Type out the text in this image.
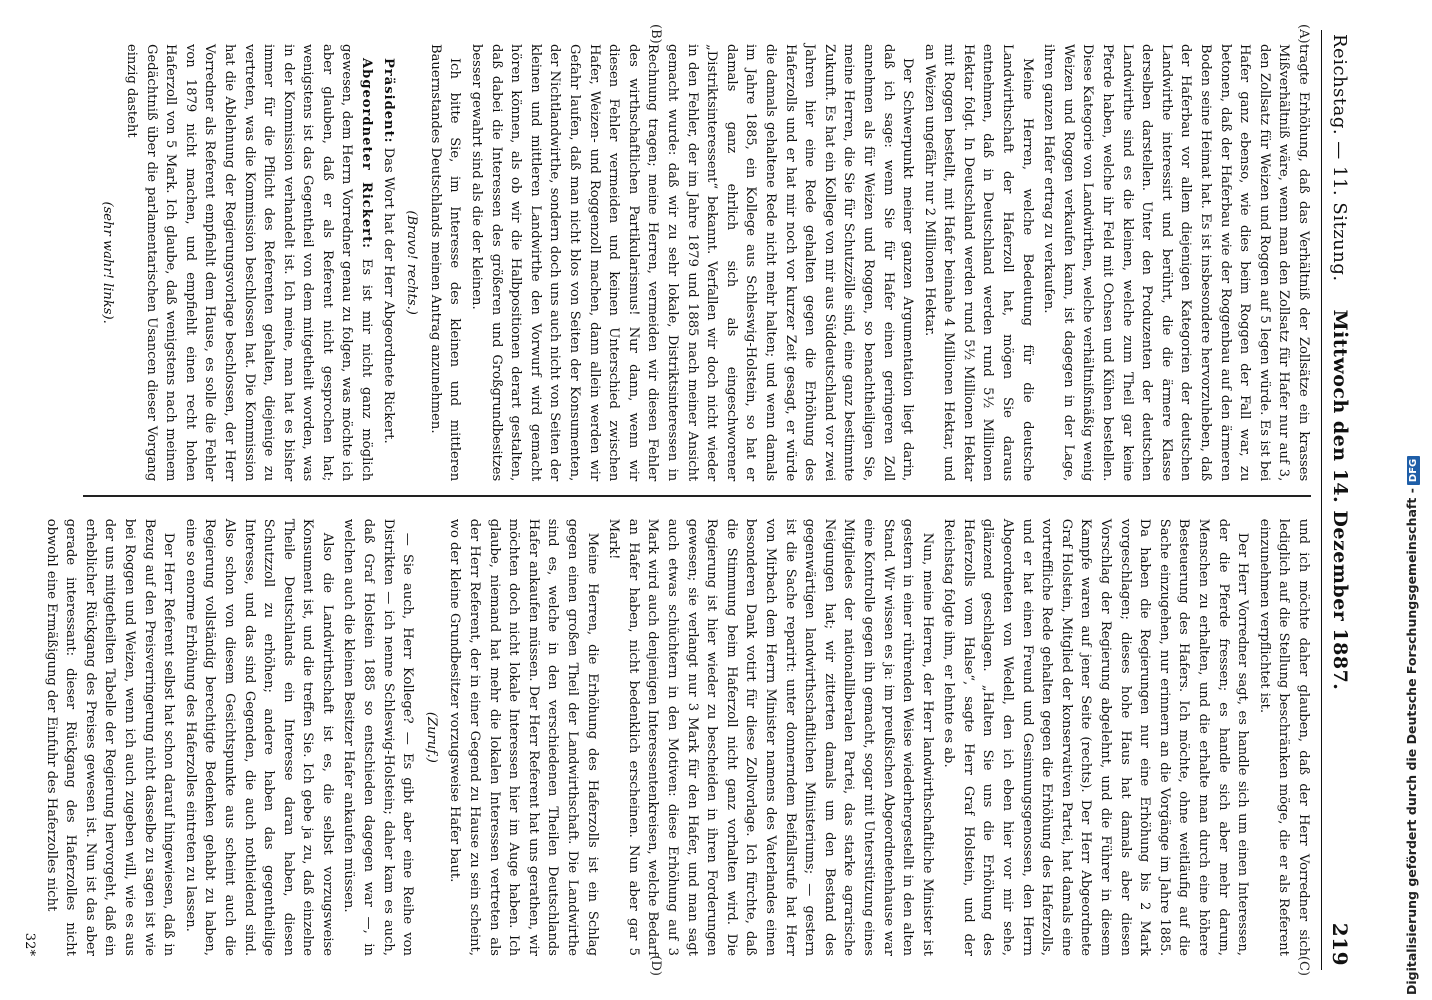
Reichstag. — 11. Sitzung.
Mittwoch den 14. Dezember 1887.
219
(A)
(B)

tragte Erhöhung, daß das Verhältniß der Zollsätze ein krasses Mißverhältniß wäre, wenn man den Zollsatz für Hafer nur auf 3, den Zollsatz für Weizen und Roggen auf 5 legen würde. Es ist bei Hafer ganz ebenso, wie dies beim Roggen der Fall war, zu betonen, daß der Haferbau wie der Roggenbau auf den ärmeren Boden seine Heimat hat. Es ist insbesondere hervorzuheben, daß der Haferbau vor allem diejenigen Kategorien der deutschen Landwirthe interessirt und berührt, die die ärmere Klasse derselben darstellen. Unter den Produzenten der deutschen Landwirthe sind es die kleinen, welche zum Theil gar keine Pferde haben, welche ihr Feld mit Ochsen und Kühen bestellen. Diese Kategorie von Landwirthen, welche verhältnißmäßig wenig Weizen und Roggen verkaufen kann, ist dagegen in der Lage, ihren ganzen Hafer ertrag zu verkaufen.

Meine Herren, welche Bedeutung für die deutsche Landwirthschaft der Haferzoll hat, mögen Sie daraus entnehmen, daß in Deutschland werden rund 5½ Millionen Hektar folgt. In Deutschland werden rund 5½ Millionen Hektar mit Roggen bestellt, mit Hafer beinahe 4 Millionen Hektar, und an Weizen ungefähr nur 2 Millionen Hektar.

Der Schwerpunkt meiner ganzen Argumentation liegt darin, daß ich sage: wenn Sie für Hafer einen geringeren Zoll annehmen als für Weizen und Roggen, so benachtheiligen Sie, meine Herren, die Sie für Schutzzölle sind, eine ganz bestimmte Zukunft. Es hat ein Kollege von mir aus Süddeutschland vor zwei Jahren hier eine Rede gehalten gegen die Erhöhung des Haferzolls und er hat mir noch vor kurzer Zeit gesagt, er würde die damals gehaltene Rede nicht mehr halten; und wenn damals im Jahre 1885, ein Kollege aus Schleswig-Holstein, so hat er damals ganz ehrlich sich als eingeschworener „Distriktsinteressent“ bekannt. Verfallen wir doch nicht wieder in den Fehler, der im Jahre 1879 und 1885 nach meiner Ansicht gemacht wurde: daß wir zu sehr lokale, Distriktsinteressen in Rechnung tragen; meine Herren, vermeiden wir diesen Fehler des wirthschaftlichen Partikularismus! Nur dann, wenn wir diesen Fehler vermeiden und keinen Unterschied zwischen Hafer, Weizen- und Roggenzoll machen, dann allein werden wir Gefahr laufen, daß man nicht blos von Seiten der Konsumenten, der Nichtlandwirthe, sondern doch uns auch nicht von Seiten der kleinen und mittleren Landwirthe den Vorwurf wird gemacht hören können, als ob wir die Halbpositionen derart gestalten, daß dabei die Interessen des größeren und Großgrundbesitzes besser gewahrt sind als die der kleinen.

Ich bitte Sie, im Interesse des kleinen und mittleren Bauernstandes Deutschlands meinen Antrag anzunehmen.

(Bravo! rechts.)

Präsident: Das Wort hat der Herr Abgeordnete Rickert.

Abgeordneter Rickert: Es ist mir nicht ganz möglich gewesen, dem Herrn Vorredner genau zu folgen, was möchte ich aber glauben, daß er als Referent nicht gesprochen hat; wenigstens ist das Gegentheil von dem mitgetheilt worden, was in der Kommission verhandelt ist. Ich meine, man hat es bisher immer für die Pflicht des Referenten gehalten, diejenige zu vertreten, was die Kommission beschlossen hat. Die Kommission hat die Ablehnung der Regierungsvorlage beschlossen, der Herr Vorredner als Referent empfiehlt dem Hause, es solle die Fehler von 1879 nicht machen, und empfiehlt einen recht hohen Haferzoll von 5 Mark. Ich glaube, daß wenigstens nach meinem Gedächtniß über die parlamentarischen Usancen dieser Vorgang einzig dasteht

(sehr wahr! links).

(C)
(D)

und ich möchte daher glauben, daß der Herr Vorredner sich lediglich auf die Stellung beschränken möge, die er als Referent einzunehmen verpflichtet ist.

Der Herr Vorredner sagt, es handle sich um einen Interessen, der die Pferde fressen; es handle sich aber mehr darum, Menschen zu erhalten, und die erhalte man durch eine höhere Besteuerung des Hafers. Ich möchte, ohne weitläufig auf die Sache einzugehen, nur erinnern an die Vorgänge im Jahre 1885. Da haben die Regierungen nur eine Erhöhung bis 2 Mark vorgeschlagen; dieses hohe Haus hat damals aber diesen Vorschlag der Regierung abgelehnt, und die Führer in diesem Kampfe waren auf jener Seite (rechts). Der Herr Abgeordnete Graf Holstein, Mitglied der konservativen Partei, hat damals eine vortreffliche Rede gehalten gegen die Erhöhung des Haferzolls, und er hat einen Freund und Gesinnungsgenossen, den Herrn Abgeordneten von Wedell, den ich eben hier vor mir sehe, glänzend geschlagen. „Halten Sie uns die Erhöhung des Haferzolls vom Halse“, sagte Herr Graf Holstein, und der Reichstag folgte ihm, er lehnte es ab.

Nun, meine Herren, der Herr landwirthschaftliche Minister ist gestern in einer rührenden Weise wiederhergestellt in den alten Stand. Wir wissen es ja: im preußischen Abgeordnetenhause war eine Kontrolle gegen ihn gemacht, sogar mit Unterstützung eines Mitgliedes der nationalliberalen Partei, das starke agrarische Neigungen hat; wir zitterten damals um den Bestand des gegenwärtigen landwirthschaftlichen Ministeriums; — gestern ist die Sache reparirt: unter donnerndem Beifallsrufe hat Herr von Mirbach dem Herrn Minister namens des Vaterlandes einen besonderen Dank votirt für diese Zollvorlage. Ich fürchte, daß die Stimmung beim Haferzoll nicht ganz vorhalten wird. Die Regierung ist hier wieder zu bescheiden in ihren Forderungen gewesen; sie verlangt nur 3 Mark für den Hafer, und man sagt auch etwas schüchtern in den Motiven: diese Erhöhung auf 3 Mark wird auch denjenigen Interessentenkreisen, welche Bedarf an Hafer haben, nicht bedenklich erscheinen. Nun aber gar 5 Mark!

Meine Herren, die Erhöhung des Haferzolls ist ein Schlag gegen einen großen Theil der Landwirthschaft. Die Landwirthe sind es, welche in den verschiedenen Theilen Deutschlands Hafer ankaufen müssen. Der Herr Referent hat uns gerathen, wir möchten doch nicht lokale Interessen hier im Auge haben. Ich glaube, niemand hat mehr die lokalen Interessen vertreten als der Herr Referent, der in einer Gegend zu Hause zu sein scheint, wo der kleine Grundbesitzer vorzugsweise Hafer baut.

(Zuruf.)

— Sie auch, Herr Kollege? — Es gibt aber eine Reihe von Distrikten — ich nenne Schleswig-Holstein; daher kam es auch, daß Graf Holstein 1885 so entschieden dagegen war —, in welchen auch die kleinen Besitzer Hafer ankaufen müssen.

Also die Landwirthschaft ist es, die selbst vorzugsweise Konsument ist, und die treffen Sie. Ich gebe ja zu, daß einzelne Theile Deutschlands ein Interesse daran haben, diesen Schutzzoll zu erhöhen; andere haben das gegentheilige Interesse, und das sind Gegenden, die auch nothleidend sind. Also schon von diesem Gesichtspunkte aus scheint auch die Regierung vollständig berechtigte Bedenken gehabt zu haben, eine so enorme Erhöhung des Haferzolles eintreten zu lassen.

Der Herr Referent selbst hat schon darauf hingewiesen, daß in Bezug auf den Preisverringerung nicht dasselbe zu sagen ist wie bei Roggen und Weizen, wenn ich auch zugeben will, wie es aus der uns mitgetheilten Tabelle der Regierung hervorgeht, daß ein erheblicher Rückgang des Preises gewesen ist. Nun ist das aber gerade interessant: dieser Rückgang des Haferzolles nicht obwohl eine Ermäßigung der Einfuhr des Haferzolles nicht

32*	Digitalisierung gefördert durch die Deutsche Forschungsgemeinschaft -DFG
